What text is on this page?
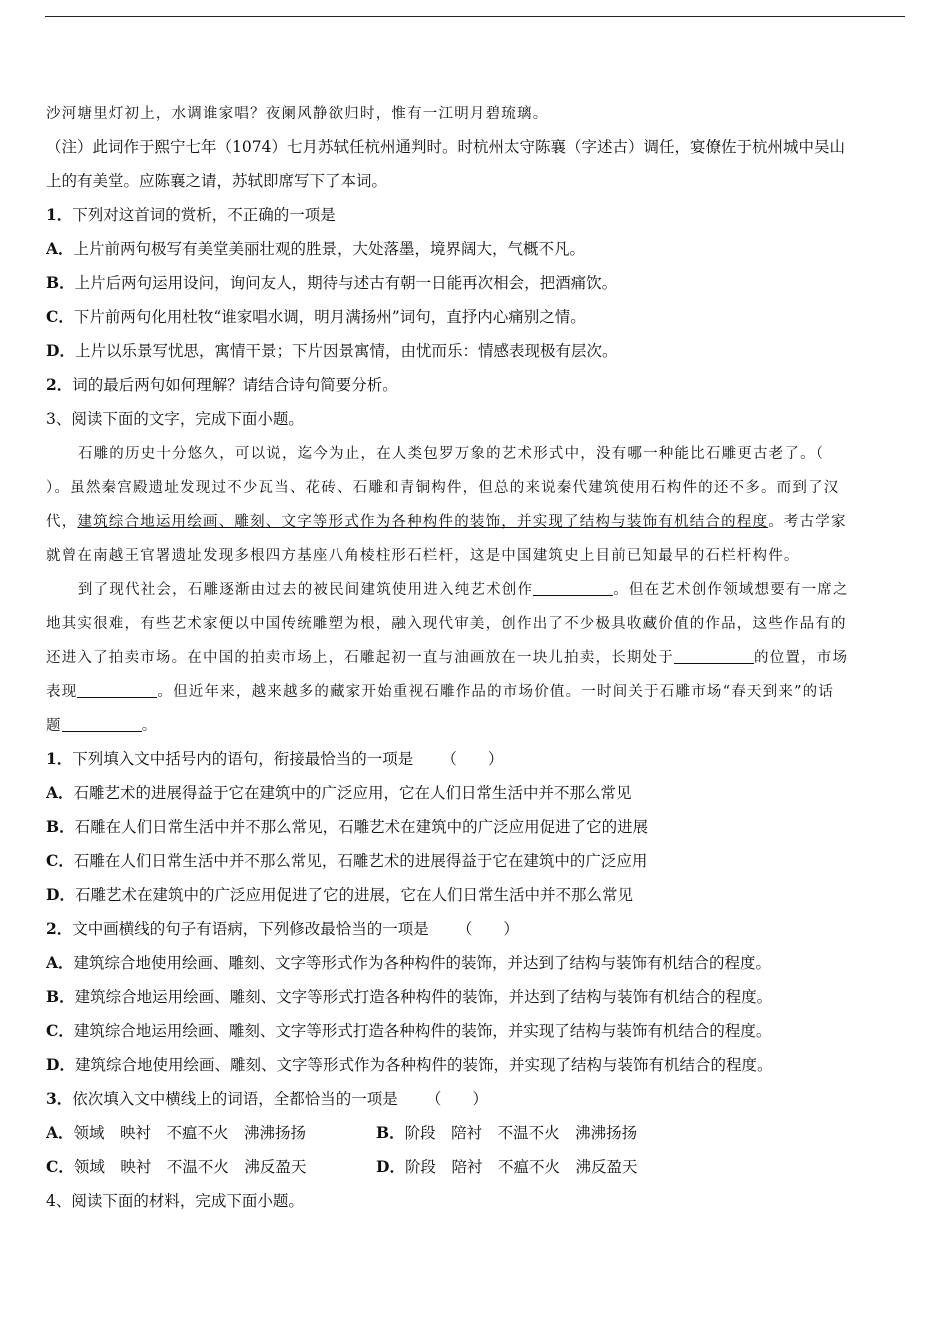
沙河塘里灯初上，水调谁家唱？夜阑风静欲归时，惟有一江明月碧琉璃。
（注）此词作于熙宁七年（1074）七月苏轼任杭州通判时。时杭州太守陈襄（字述古）调任，宴僚佐于杭州城中吴山
上的有美堂。应陈襄之请，苏轼即席写下了本词。
1．下列对这首词的赏析，不正确的一项是
A．上片前两句极写有美堂美丽壮观的胜景，大处落墨，境界阔大，气概不凡。
B．上片后两句运用设问，询问友人，期待与述古有朝一日能再次相会，把酒痛饮。
C．下片前两句化用杜牧“谁家唱水调，明月满扬州”词句，直抒内心痛别之情。
D．上片以乐景写忧思，寓情干景；下片因景寓情，由忧而乐：情感表现极有层次。
2．词的最后两句如何理解？请结合诗句简要分析。
3、阅读下面的文字，完成下面小题。
石雕的历史十分悠久，可以说，迄今为止，在人类包罗万象的艺术形式中，没有哪一种能比石雕更古老了。（
）。虽然秦宫殿遗址发现过不少瓦当、花砖、石雕和青铜构件，但总的来说秦代建筑使用石构件的还不多。而到了汉
代，建筑综合地运用绘画、雕刻、文字等形式作为各种构件的装饰，并实现了结构与装饰有机结合的程度。考古学家
就曾在南越王官署遗址发现多根四方基座八角棱柱形石栏杆，这是中国建筑史上目前已知最早的石栏杆构件。
到了现代社会，石雕逐渐由过去的被民间建筑使用进入纯艺术创作	。但在艺术创作领域想要有一席之
地其实很难，有些艺术家便以中国传统雕塑为根，融入现代审美，创作出了不少极具收藏价值的作品，这些作品有的
还进入了拍卖市场。在中国的拍卖市场上，石雕起初一直与油画放在一块儿拍卖，长期处于	的位置，市场
表现	。但近年来，越来越多的藏家开始重视石雕作品的市场价值。一时间关于石雕市场“春天到来”的话
题	。
1．下列填入文中括号内的语句，衔接最恰当的一项是 （　　）
A．石雕艺术的进展得益于它在建筑中的广泛应用，它在人们日常生活中并不那么常见
B．石雕在人们日常生活中并不那么常见，石雕艺术在建筑中的广泛应用促进了它的进展
C．石雕在人们日常生活中并不那么常见，石雕艺术的进展得益于它在建筑中的广泛应用
D．石雕艺术在建筑中的广泛应用促进了它的进展，它在人们日常生活中并不那么常见
2．文中画横线的句子有语病，下列修改最恰当的一项是 （　　）
A．建筑综合地使用绘画、雕刻、文字等形式作为各种构件的装饰，并达到了结构与装饰有机结合的程度。
B．建筑综合地运用绘画、雕刻、文字等形式打造各种构件的装饰，并达到了结构与装饰有机结合的程度。
C．建筑综合地运用绘画、雕刻、文字等形式打造各种构件的装饰，并实现了结构与装饰有机结合的程度。
D．建筑综合地使用绘画、雕刻、文字等形式作为各种构件的装饰，并实现了结构与装饰有机结合的程度。
3．依次填入文中横线上的词语，全都恰当的一项是 （　　）
A．领域　映衬　不瘟不火　沸沸扬扬	B．阶段　陪衬　不温不火　沸沸扬扬
C．领域　映衬　不温不火　沸反盈天	D．阶段　陪衬　不瘟不火　沸反盈天
4、阅读下面的材料，完成下面小题。
